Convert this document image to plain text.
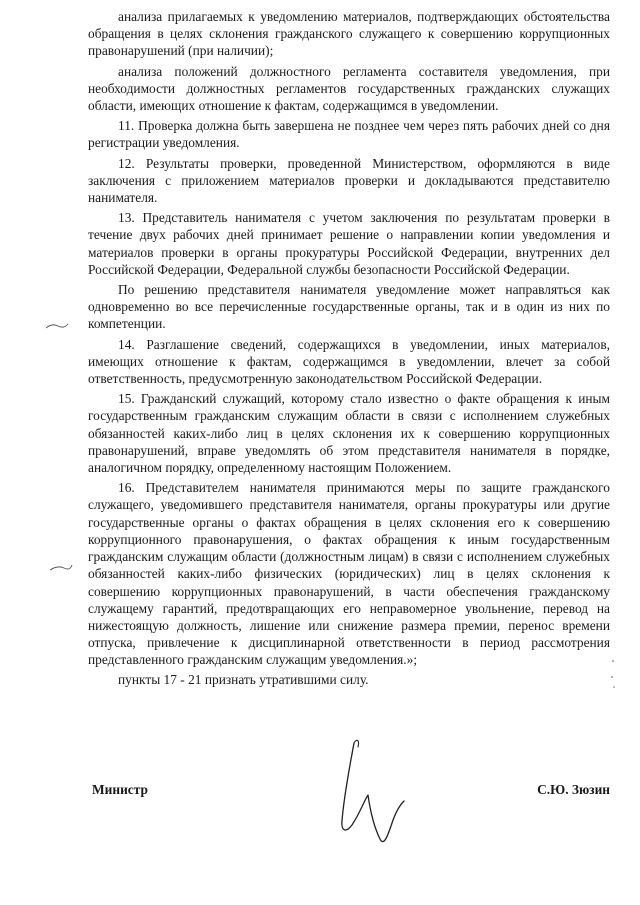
анализа прилагаемых к уведомлению материалов, подтверждающих обстоятельства обращения в целях склонения гражданского служащего к совершению коррупционных правонарушений (при наличии);

анализа положений должностного регламента составителя уведомления, при необходимости должностных регламентов государственных гражданских служащих области, имеющих отношение к фактам, содержащимся в уведомлении.

11. Проверка должна быть завершена не позднее чем через пять рабочих дней со дня регистрации уведомления.

12. Результаты проверки, проведенной Министерством, оформляются в виде заключения с приложением материалов проверки и докладываются представителю нанимателя.

13. Представитель нанимателя с учетом заключения по результатам проверки в течение двух рабочих дней принимает решение о направлении копии уведомления и материалов проверки в органы прокуратуры Российской Федерации, внутренних дел Российской Федерации, Федеральной службы безопасности Российской Федерации.

По решению представителя нанимателя уведомление может направляться как одновременно во все перечисленные государственные органы, так и в один из них по компетенции.

14. Разглашение сведений, содержащихся в уведомлении, иных материалов, имеющих отношение к фактам, содержащимся в уведомлении, влечет за собой ответственность, предусмотренную законодательством Российской Федерации.

15. Гражданский служащий, которому стало известно о факте обращения к иным государственным гражданским служащим области в связи с исполнением служебных обязанностей каких-либо лиц в целях склонения их к совершению коррупционных правонарушений, вправе уведомлять об этом представителя нанимателя в порядке, аналогичном порядку, определенному настоящим Положением.

16. Представителем нанимателя принимаются меры по защите гражданского служащего, уведомившего представителя нанимателя, органы прокуратуры или другие государственные органы о фактах обращения в целях склонения его к совершению коррупционного правонарушения, о фактах обращения к иным государственным гражданским служащим области (должностным лицам) в связи с исполнением служебных обязанностей каких-либо физических (юридических) лиц в целях склонения к совершению коррупционных правонарушений, в части обеспечения гражданскому служащему гарантий, предотвращающих его неправомерное увольнение, перевод на нижестоящую должность, лишение или снижение размера премии, перенос времени отпуска, привлечение к дисциплинарной ответственности в период рассмотрения представленного гражданским служащим уведомления.»;

пункты 17 - 21 признать утратившими силу.

Министр	С.Ю. Зюзин
